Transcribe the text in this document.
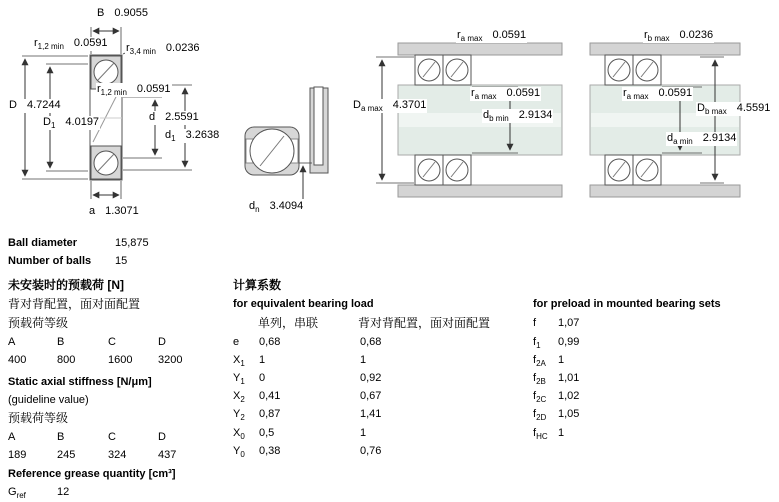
B 0.9055
$r_{1,2 min}$ 0.0591 $r_{3,4 min}$ 0.0236
D 4.7244
$D_1$ 4.0197
$r_{1,2 min}$ 0.0591
d 2.5591
$d_1$ 3.2638
a 1.3071	$d_n$ 3.4094
$r_{a max}$ 0.0591
$D_{a max}$ 4.3701
$r_{a max}$ 0.0591
$d_{b min}$ 2.9134
$r_{b max}$ 0.0236
$r_{a max}$ 0.0591
$D_{b max}$ 4.5591
$d_{a min}$ 2.9134
Ball diameter	15,875
Number of balls 15
未安装时的预载荷 [N]
背对背配置，面对面配置
预载荷等级
A	B	C	D
400	800	1600 3200
Static axial stiffness [N/μm]
(guideline value)
预载荷等级
A	B	C	D
189	245	324	437
Reference grease quantity [cm³]
$G_{ref}$	12
计算系数
for equivalent bearing load
单列，串联	背对背配置，面对面配置
e 0,68	0,68
$X_1$ 1	1
$Y_1$ 0	0,92
$X_2$ 0,41	0,67
$Y_2$ 0,87	1,41
$X_0$ 0,5	1
$Y_0$ 0,38	0,76
for preload in mounted bearing sets
f 1,07
$f_1$ 0,99
$f_{2A}$ 1
$f_{2B}$ 1,01
$f_{2C}$ 1,02
$f_{2D}$ 1,05
$f_{HC}$ 1
